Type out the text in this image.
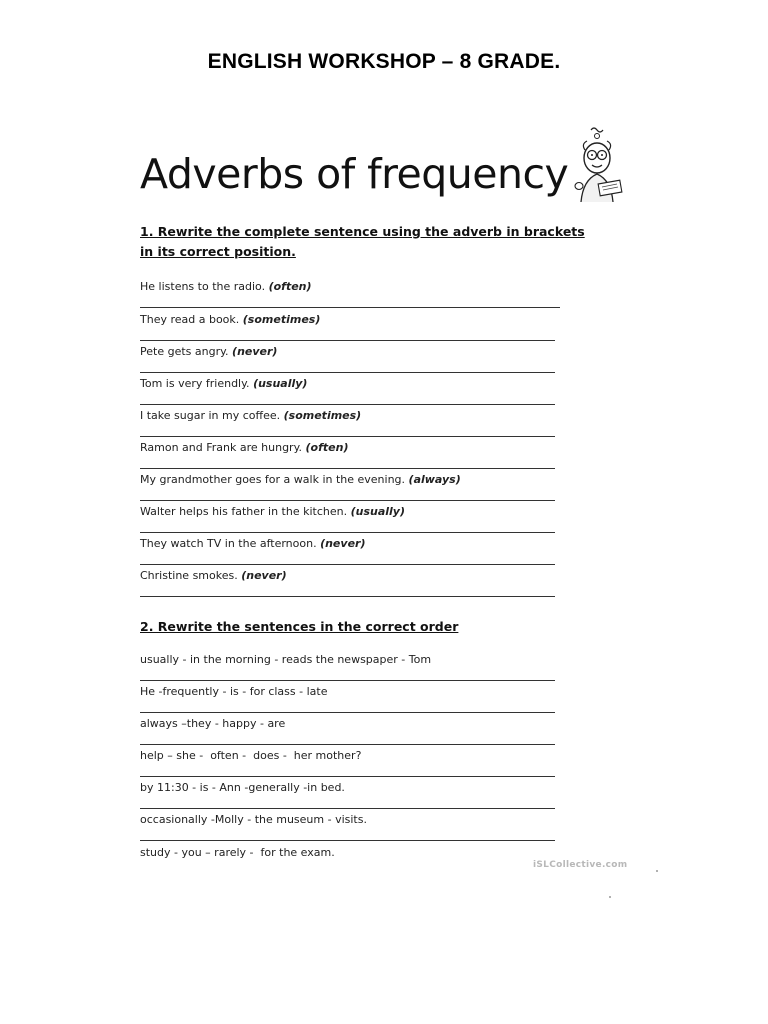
ENGLISH WORKSHOP – 8 GRADE.
Adverbs of frequency
1. Rewrite the complete sentence using the adverb in brackets in its correct position.
He listens to the radio. (often)
They read a book. (sometimes)
Pete gets angry. (never)
Tom is very friendly. (usually)
I take sugar in my coffee. (sometimes)
Ramon and Frank are hungry. (often)
My grandmother goes for a walk in the evening. (always)
Walter helps his father in the kitchen. (usually)
They watch TV in the afternoon. (never)
Christine smokes. (never)
2. Rewrite the sentences in the correct order
usually - in the morning - reads the newspaper - Tom
He -frequently - is - for class - late
always –they - happy - are
help – she -  often -  does -  her mother?
by 11:30 - is - Ann -generally -in bed.
occasionally -Molly - the museum - visits.
study - you – rarely -  for the exam.
iSLCollective.com
